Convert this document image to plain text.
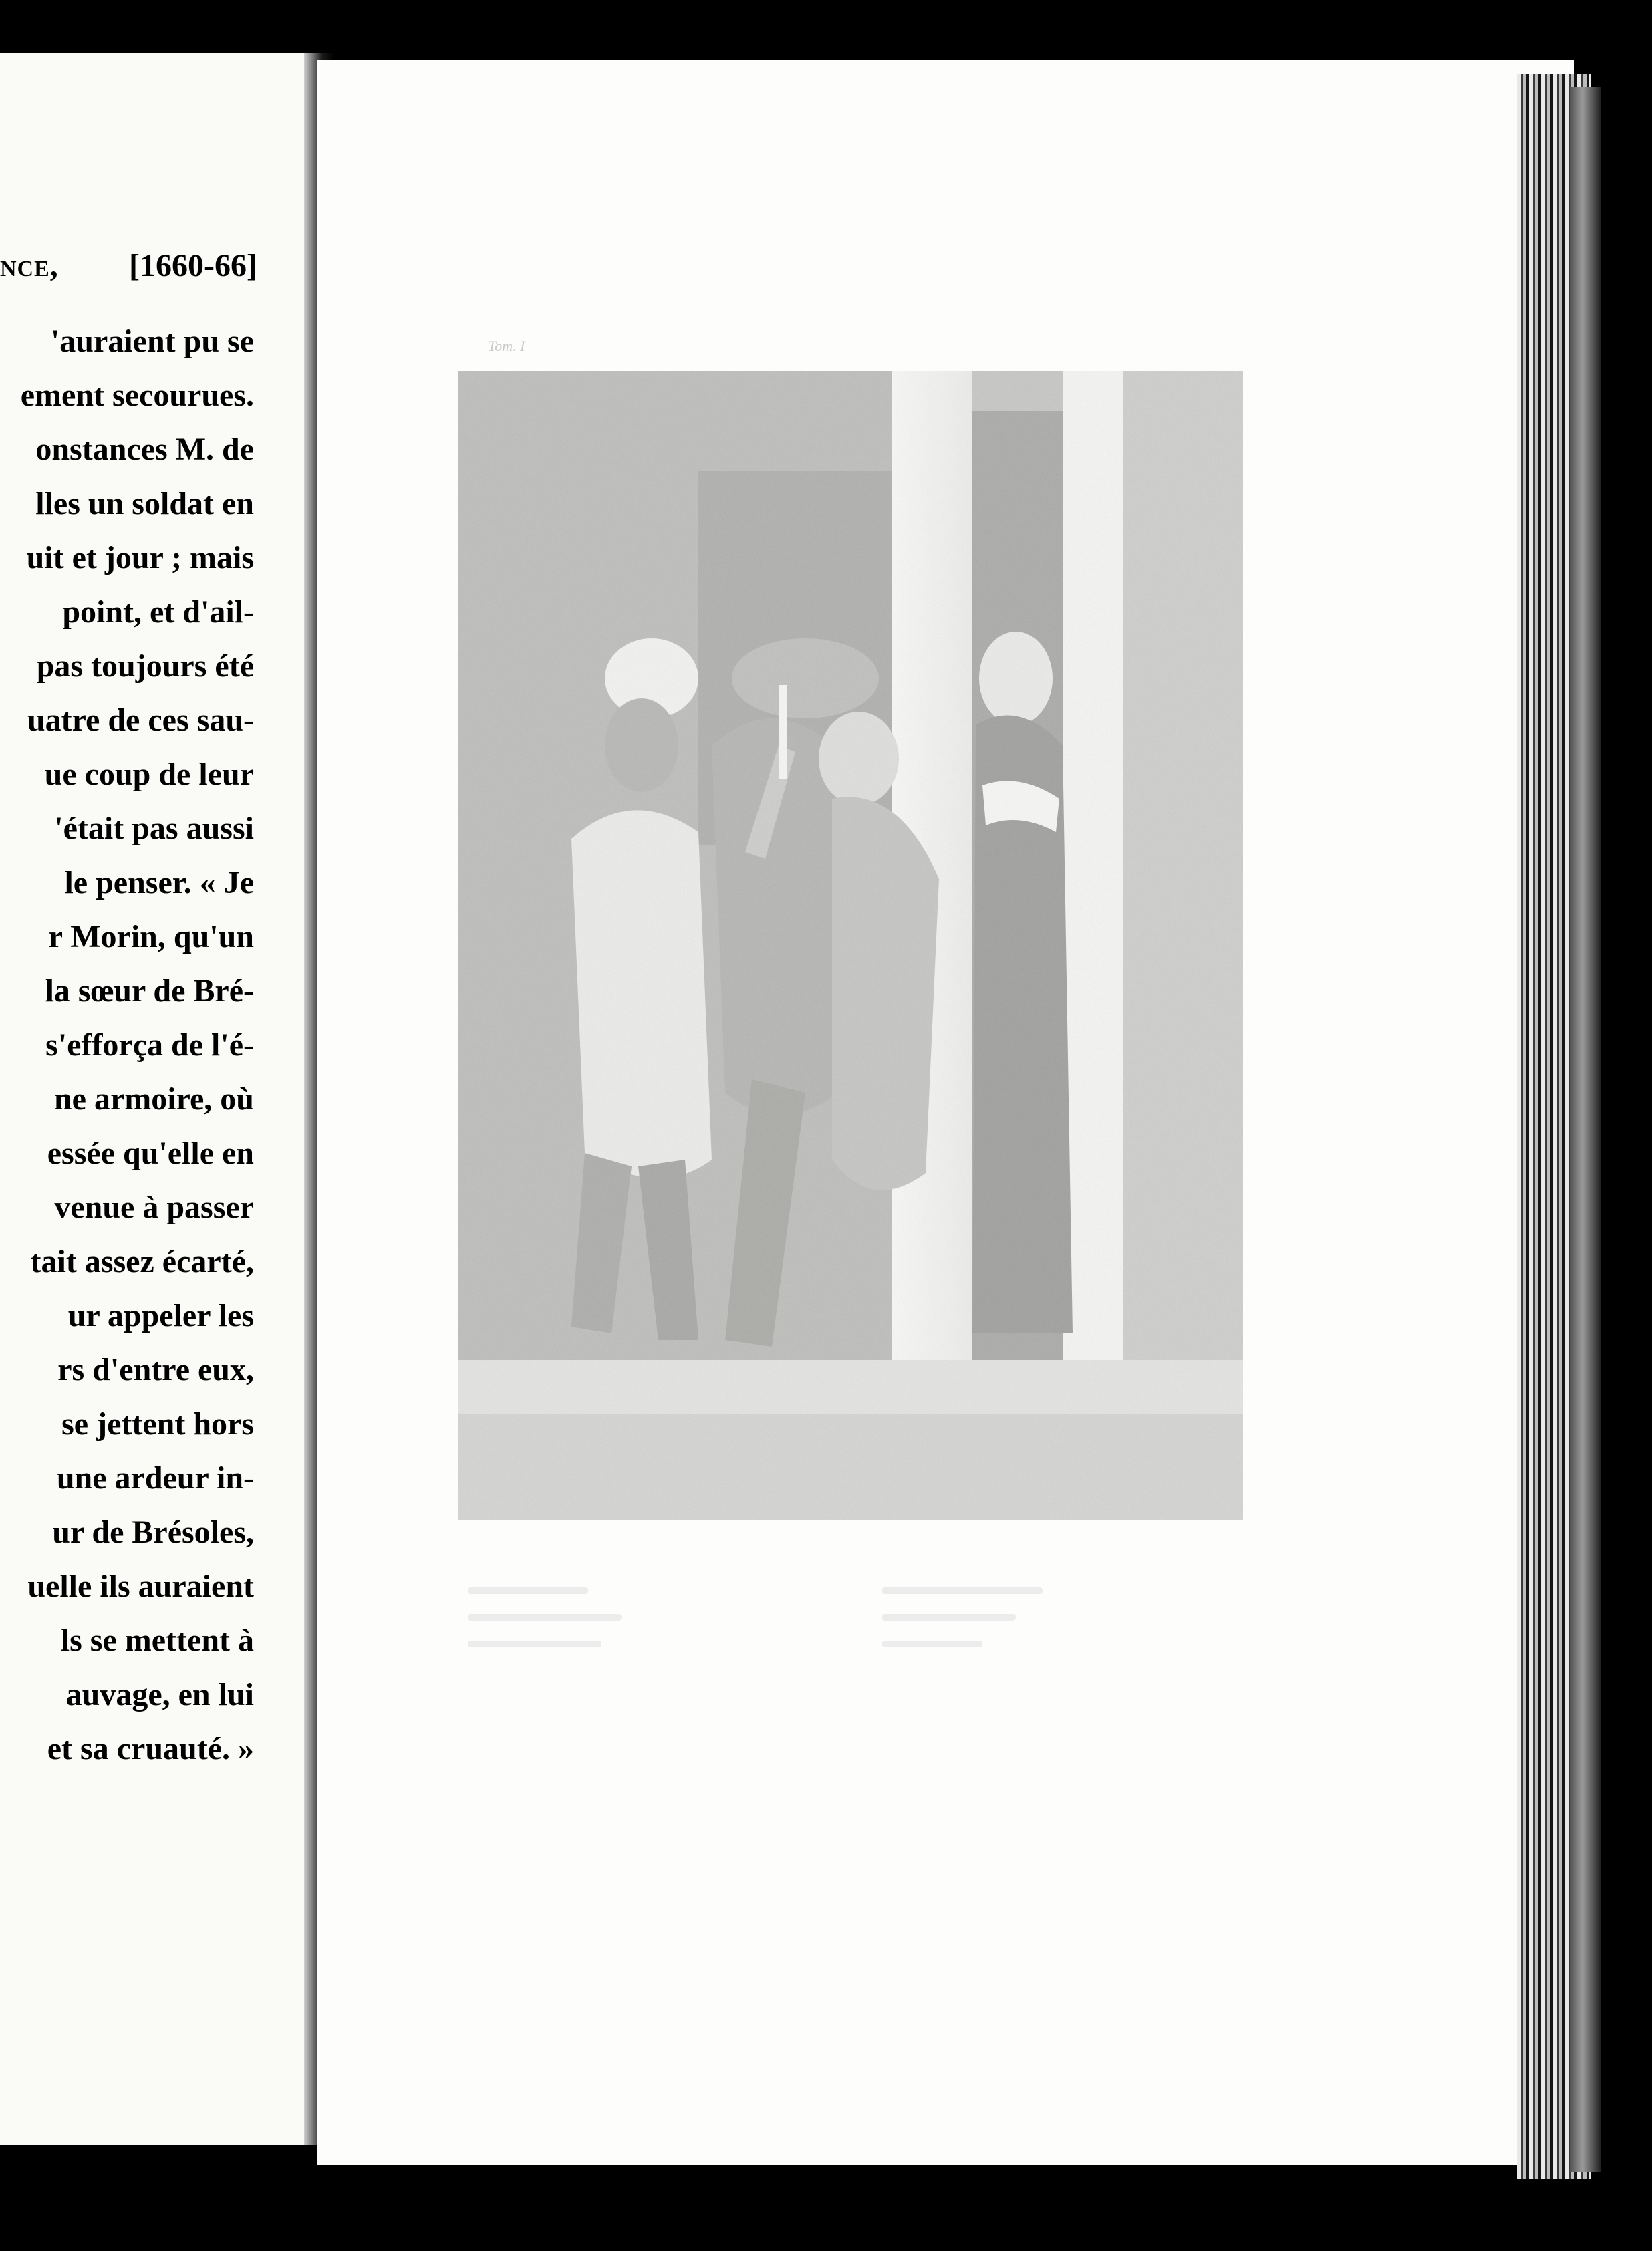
nce, [1660-66]
'auraient pu se
ement secourues.
onstances M. de
lles un soldat en
uit et jour ; mais
point, et d'ail-
pas toujours été
uatre de ces sau-
ue coup de leur
'était pas aussi
le penser. « Je
r Morin, qu'un
la sœur de Bré-
s'efforça de l'é-
ne armoire, où
essée qu'elle en
venue à passer
tait assez écarté,
ur appeler les
rs d'entre eux,
se jettent hors
une ardeur in-
ur de Brésoles,
uelle ils auraient
ls se mettent à
auvage, en lui
et sa cruauté. »
Tom. I
